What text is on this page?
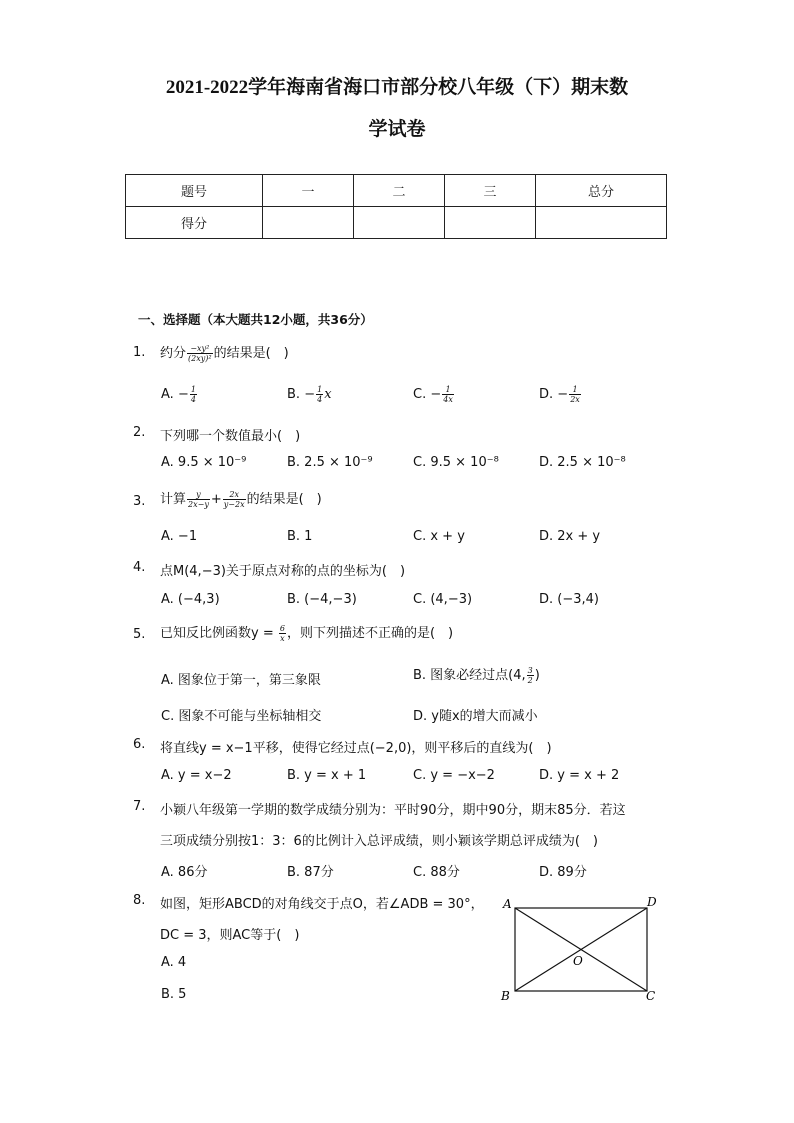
2021-2022学年海南省海口市部分校八年级（下）期末数
学试卷
题号	一	二	三	总分
得分				
一、选择题（本大题共12小题，共36分）
1. 约分 $\frac{\text{−xy²}}{\text{(2xy)²}}$ 的结果是(　)
A. − $\frac{1}{4}$	B. − $\frac{1}{4}$ x	C. − $\frac{1}{4x}$	D. − $\frac{1}{2x}$
2. 下列哪一个数值最小(　)
A. 9.5 × 10⁻⁹	B. 2.5 × 10⁻⁹	C. 9.5 × 10⁻⁸	D. 2.5 × 10⁻⁸
3. 计算 $\frac{y}{2x-y} + \frac{2x}{y-2x}$ 的结果是(　)
A. −1	B. 1	C. x + y	D. 2x + y
4. 点M(4,−3)关于原点对称的点的坐标为(　)
A. (−4,3)	B. (−4,−3)	C. (4,−3)	D. (−3,4)
5. 已知反比例函数$y = \frac{6}{x}$ ，则下列描述不正确的是(　)
A. 图象位于第一，第三象限	B. 图象必经过点(4, $\frac{3}{2}$ )
C. 图象不可能与坐标轴相交	D. y随x的增大而减小
6. 将直线y = x−1平移，使得它经过点(−2,0)，则平移后的直线为(　)
A. y = x−2	B. y = x + 1	C. y = −x−2	D. y = x + 2
7. 小颖八年级第一学期的数学成绩分别为：平时90分，期中90分，期末85分．若这
三项成绩分别按1：3：6的比例计入总评成绩，则小颖该学期总评成绩为(　)
A. 86分	B. 87分	C. 88分	D. 89分
8. 如图，矩形ABCD的对角线交于点O，若∠ADB = 30°，
DC = 3，则AC等于(　)
A. 4
B. 5
A	D
B	C
O
